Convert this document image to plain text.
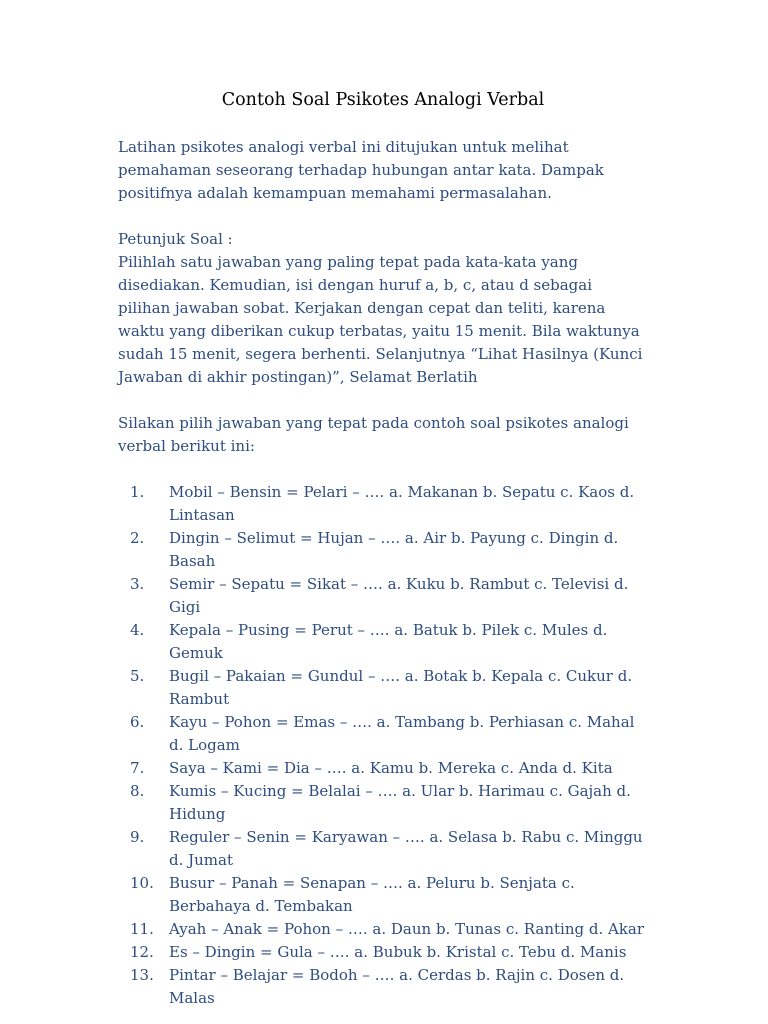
Contoh Soal Psikotes Analogi Verbal

Latihan psikotes analogi verbal ini ditujukan untuk melihat pemahaman seseorang terhadap hubungan antar kata. Dampak positifnya adalah kemampuan memahami permasalahan.

Petunjuk Soal :
Pilihlah satu jawaban yang paling tepat pada kata-kata yang disediakan. Kemudian, isi dengan huruf a, b, c, atau d sebagai pilihan jawaban sobat. Kerjakan dengan cepat dan teliti, karena waktu yang diberikan cukup terbatas, yaitu 15 menit. Bila waktunya sudah 15 menit, segera berhenti. Selanjutnya “Lihat Hasilnya (Kunci Jawaban di akhir postingan)”, Selamat Berlatih

Silakan pilih jawaban yang tepat pada contoh soal psikotes analogi verbal berikut ini:

1. Mobil – Bensin = Pelari – …. a. Makanan b. Sepatu c. Kaos d. Lintasan
2. Dingin – Selimut = Hujan – …. a. Air b. Payung c. Dingin d. Basah
3. Semir – Sepatu = Sikat – …. a. Kuku b. Rambut c. Televisi d. Gigi
4. Kepala – Pusing = Perut – …. a. Batuk b. Pilek c. Mules d. Gemuk
5. Bugil – Pakaian = Gundul – …. a. Botak b. Kepala c. Cukur d. Rambut
6. Kayu – Pohon = Emas – …. a. Tambang b. Perhiasan c. Mahal d. Logam
7. Saya – Kami = Dia – …. a. Kamu b. Mereka c. Anda d. Kita
8. Kumis – Kucing = Belalai – …. a. Ular b. Harimau c. Gajah d. Hidung
9. Reguler – Senin = Karyawan – …. a. Selasa b. Rabu c. Minggu d. Jumat
10. Busur – Panah = Senapan – …. a. Peluru b. Senjata c. Berbahaya d. Tembakan
11. Ayah – Anak = Pohon – …. a. Daun b. Tunas c. Ranting d. Akar
12. Es – Dingin = Gula – …. a. Bubuk b. Kristal c. Tebu d. Manis
13. Pintar – Belajar = Bodoh – …. a. Cerdas b. Rajin c. Dosen d. Malas
